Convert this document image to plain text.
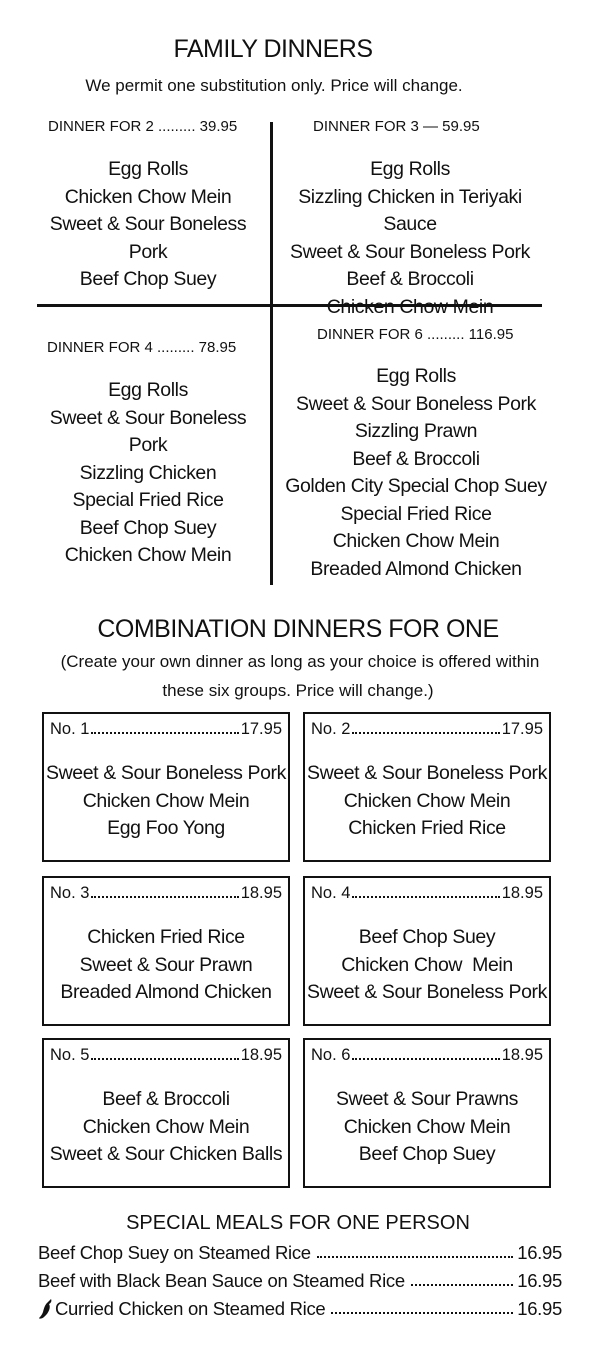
FAMILY DINNERS
We permit one substitution only. Price will change.
DINNER FOR 2 ......... 39.95
Egg Rolls
Chicken Chow Mein
Sweet & Sour Boneless Pork
Beef Chop Suey
DINNER FOR 3 — 59.95
Egg Rolls
Sizzling Chicken in Teriyaki Sauce
Sweet & Sour Boneless Pork
Beef & Broccoli
Chicken Chow Mein
DINNER FOR 4 ......... 78.95
Egg Rolls
Sweet & Sour Boneless Pork
Sizzling Chicken
Special Fried Rice
Beef Chop Suey
Chicken Chow Mein
DINNER FOR 6 ......... 116.95
Egg Rolls
Sweet & Sour Boneless Pork
Sizzling Prawn
Beef & Broccoli
Golden City Special Chop Suey
Special Fried Rice
Chicken Chow Mein
Breaded Almond Chicken
COMBINATION DINNERS FOR ONE
(Create your own dinner as long as your choice is offered within
these six groups. Price will change.)
No. 1	17.95
Sweet & Sour Boneless Pork
Chicken Chow Mein
Egg Foo Yong
No. 2	17.95
Sweet & Sour Boneless Pork
Chicken Chow Mein
Chicken Fried Rice
No. 3	18.95
Chicken Fried Rice
Sweet & Sour Prawn
Breaded Almond Chicken
No. 4	18.95
Beef Chop Suey
Chicken Chow  Mein
Sweet & Sour Boneless Pork
No. 5	18.95
Beef & Broccoli
Chicken Chow Mein
Sweet & Sour Chicken Balls
No. 6	18.95
Sweet & Sour Prawns
Chicken Chow Mein
Beef Chop Suey
SPECIAL MEALS FOR ONE PERSON
Beef Chop Suey on Steamed Rice	16.95
Beef with Black Bean Sauce on Steamed Rice	16.95
Curried Chicken on Steamed Rice	16.95
